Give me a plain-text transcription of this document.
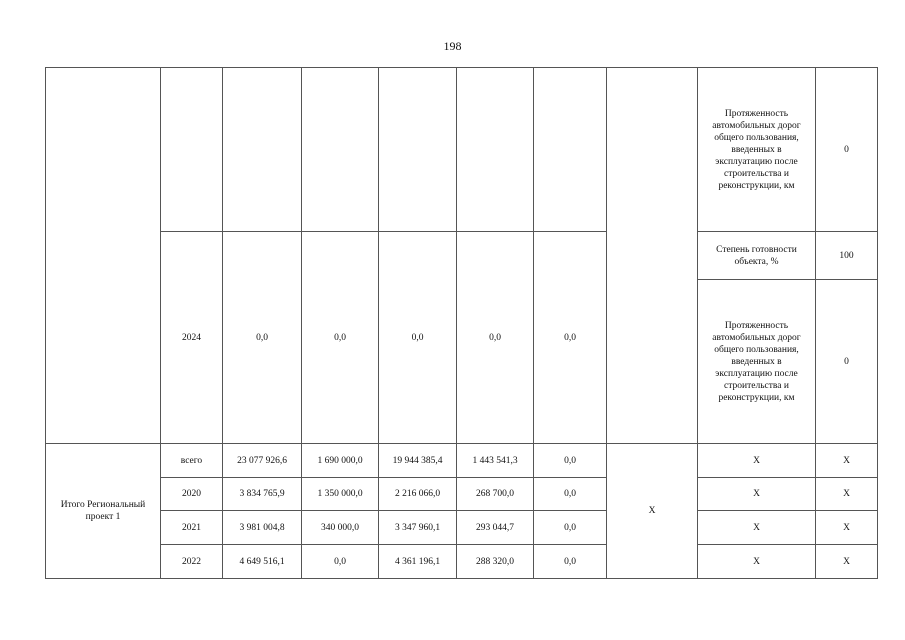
198
								Протяженность автомобильных дорог общего пользования, введенных в эксплуатацию после строительства и реконструкции, км	0
	2024	0,0	0,0	0,0	0,0	0,0		Степень готовности объекта, %	100
								Протяженность автомобильных дорог общего пользования, введенных в эксплуатацию после строительства и реконструкции, км	0
Итого Региональный проект 1	всего	23 077 926,6	1 690 000,0	19 944 385,4	1 443 541,3	0,0	X	X	X
	2020	3 834 765,9	1 350 000,0	2 216 066,0	268 700,0	0,0		X	X
	2021	3 981 004,8	340 000,0	3 347 960,1	293 044,7	0,0		X	X
	2022	4 649 516,1	0,0	4 361 196,1	288 320,0	0,0		X	X
